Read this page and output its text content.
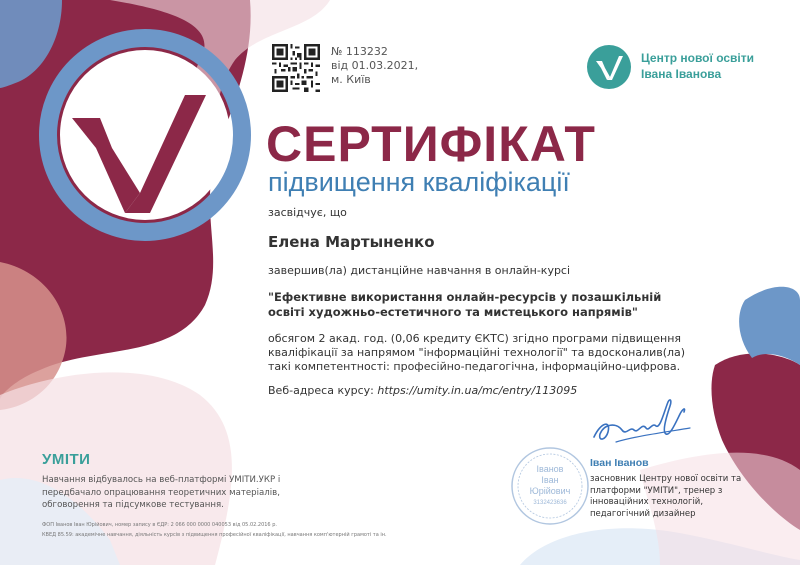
№ 113232
від 01.03.2021,
м. Київ
Центр нової освіти
Івана Іванова
СЕРТИФІКАТ
підвищення кваліфікації
засвідчує, що
Елена Мартыненко
завершив(ла) дистанційне навчання в онлайн-курсі
"Ефективне використання онлайн-ресурсів у позашкільній освіті художньо-естетичного та мистецького напрямів"
обсягом 2 акад. год. (0,06 кредиту ЄКТС) згідно програми підвищення кваліфікації за напрямом "інформаційні технології" та вдосконалив(ла) такі компетентності: професійно-педагогічна, інформаційно-цифрова.
Веб-адреса курсу: https://umity.in.ua/mc/entry/113095
УМІТИ
Навчання відбувалось на веб-платформі УМІТИ.УКР і передбачало опрацювання теоретичних матеріалів, обговорення та підсумкове тестування.
ФОП Іванов Іван Юрійович, номер запису в ЄДР: 2 066 000 0000 040053 від 05.02.2016 р.
КВЕД 85.59: академічне навчання, діяльність курсів з підвищення професійної кваліфікації, навчання комп'ютерній грамоті та ін.
Іванов
Іван
Юрійович
3132423636
Іван Іванов
засновник Центру нової освіти та платформи "УМІТИ", тренер з інноваційних технологій, педагогічний дизайнер
